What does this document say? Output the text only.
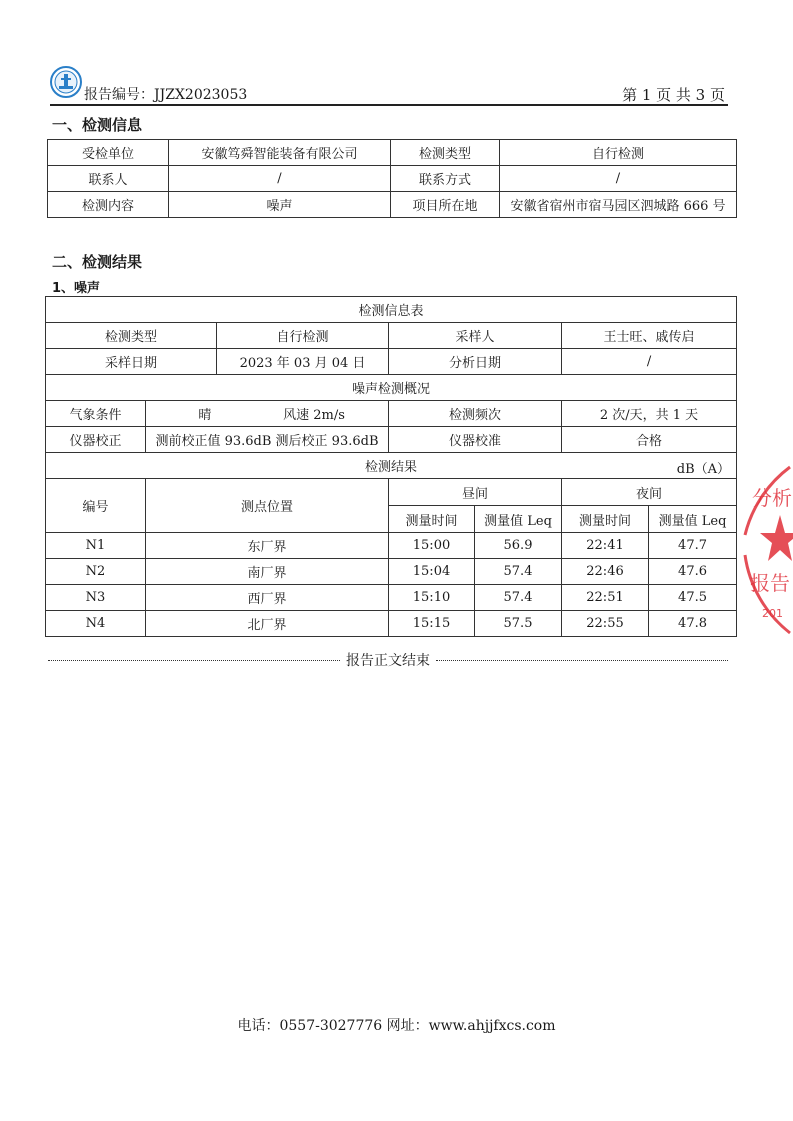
报告编号：JJZX2023053	第 1 页 共 3 页
一、检测信息
受检单位	安徽笃舜智能装备有限公司	检测类型	自行检测
联系人	/	联系方式	/
检测内容	噪声	项目所在地	安徽省宿州市宿马园区泗城路 666 号
二、检测结果
1、噪声
检测信息表						
检测类型		自行检测	采样人		王士旺、戚传启	
采样日期		2023 年 03 月 04 日	分析日期		/	
噪声检测概况						
气象条件	晴 风速 2m/s		检测频次		2 次/天，共 1 天	
仪器校正	测前校正值 93.6dB 测后校正 93.6dB		仪器校准		合格	
检测结果 dB（A）						

编号	测点位置		昼间		夜间	
			测量时间	测量值 Leq	测量时间	测量值 Leq
N1	东厂界		15:00	56.9	22:41	47.7
N2	南厂界		15:04	57.4	22:46	47.6
N3	西厂界		15:10	57.4	22:51	47.5
N4	北厂界		15:15	57.5	22:55	47.8
分析
报告
201
报告正文结束
电话：0557-3027776 网址：www.ahjjfxcs.com
